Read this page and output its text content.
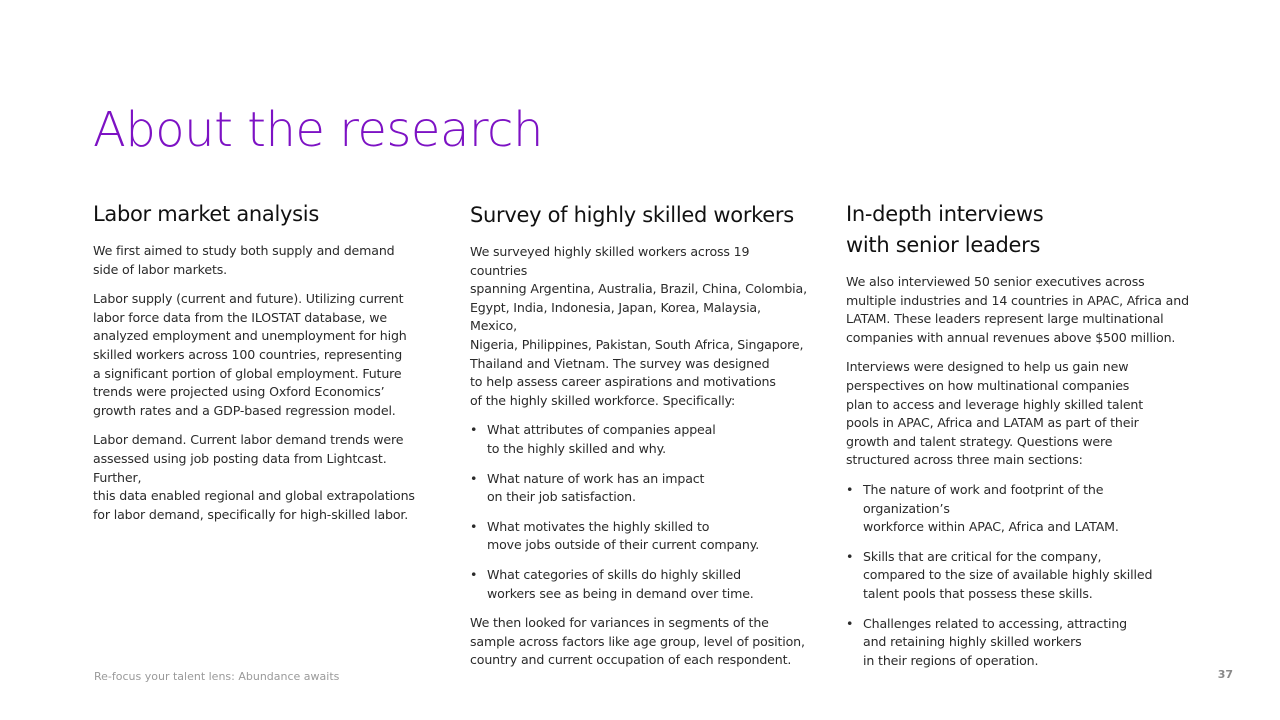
About the research
Labor market analysis

We first aimed to study both supply and demand
side of labor markets.

Labor supply (current and future). Utilizing current
labor force data from the ILOSTAT database, we
analyzed employment and unemployment for high
skilled workers across 100 countries, representing
a significant portion of global employment. Future
trends were projected using Oxford Economics’
growth rates and a GDP-based regression model.

Labor demand. Current labor demand trends were
assessed using job posting data from Lightcast. Further,
this data enabled regional and global extrapolations
for labor demand, specifically for high-skilled labor.

Survey of highly skilled workers

We surveyed highly skilled workers across 19 countries
spanning Argentina, Australia, Brazil, China, Colombia,
Egypt, India, Indonesia, Japan, Korea, Malaysia, Mexico,
Nigeria, Philippines, Pakistan, South Africa, Singapore,
Thailand and Vietnam. The survey was designed
to help assess career aspirations and motivations
of the highly skilled workforce. Specifically:

• What attributes of companies appeal
to the highly skilled and why.
• What nature of work has an impact
on their job satisfaction.
• What motivates the highly skilled to
move jobs outside of their current company.
• What categories of skills do highly skilled
workers see as being in demand over time.

We then looked for variances in segments of the
sample across factors like age group, level of position,
country and current occupation of each respondent.

In-depth interviews
with senior leaders

We also interviewed 50 senior executives across
multiple industries and 14 countries in APAC, Africa and
LATAM. These leaders represent large multinational
companies with annual revenues above $500 million.

Interviews were designed to help us gain new
perspectives on how multinational companies
plan to access and leverage highly skilled talent
pools in APAC, Africa and LATAM as part of their
growth and talent strategy. Questions were
structured across three main sections:

• The nature of work and footprint of the organization’s
workforce within APAC, Africa and LATAM.
• Skills that are critical for the company,
compared to the size of available highly skilled
talent pools that possess these skills.
• Challenges related to accessing, attracting
and retaining highly skilled workers
in their regions of operation.
Re-focus your talent lens: Abundance awaits	37
